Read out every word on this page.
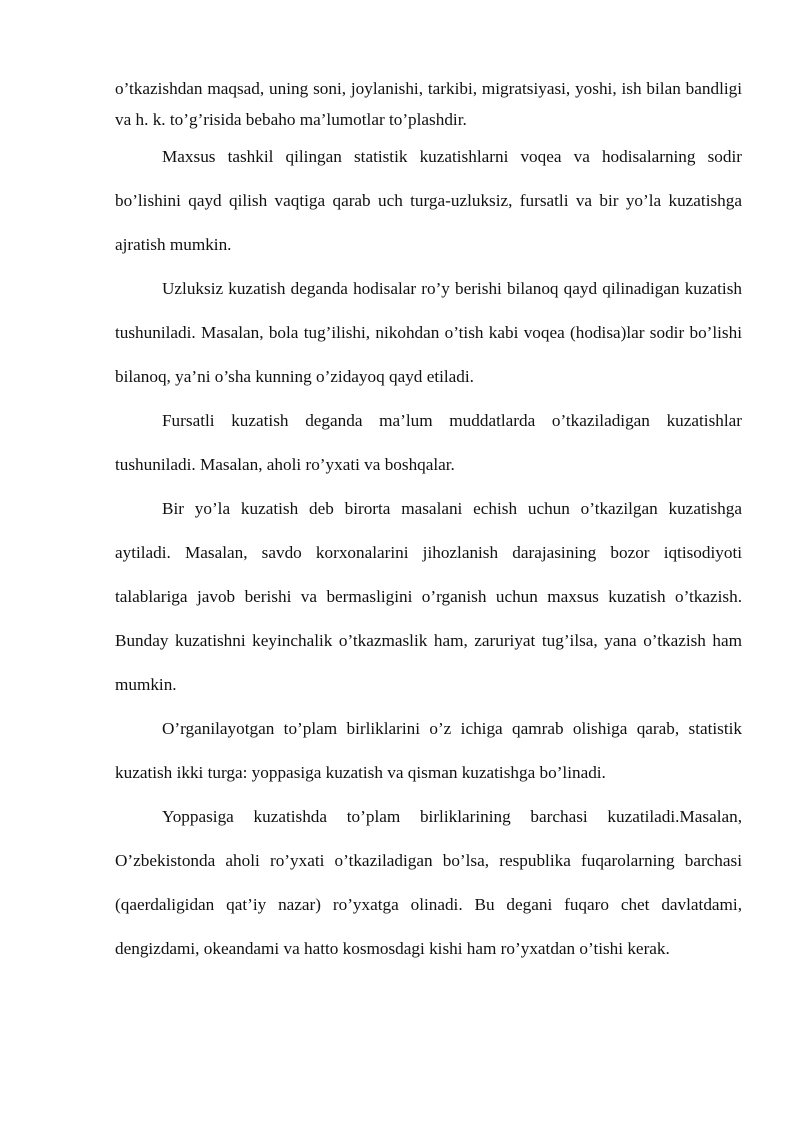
o’tkazishdan maqsad, uning soni, joylanishi, tarkibi, migratsiyasi, yoshi, ish bilan bandligi va h. k. to’g’risida bebaho ma’lumotlar to’plashdir.

Maxsus tashkil qilingan statistik kuzatishlarni voqea va hodisalarning sodir bo’lishini qayd qilish vaqtiga qarab uch turga-uzluksiz, fursatli va bir yo’la kuzatishga ajratish mumkin.

Uzluksiz kuzatish deganda hodisalar ro’y berishi bilanoq qayd qilinadigan kuzatish tushuniladi. Masalan, bola tug’ilishi, nikohdan o’tish kabi voqea (hodisa)lar sodir bo’lishi bilanoq, ya’ni o’sha kunning o’zidayoq qayd etiladi.

Fursatli kuzatish deganda ma’lum muddatlarda o’tkaziladigan kuzatishlar tushuniladi. Masalan, aholi ro’yxati va boshqalar.

Bir yo’la kuzatish deb birorta masalani echish uchun o’tkazilgan kuzatishga aytiladi. Masalan, savdo korxonalarini jihozlanish darajasining bozor iqtisodiyoti talablariga javob berishi va bermasligini o’rganish uchun maxsus kuzatish o’tkazish. Bunday kuzatishni keyinchalik o’tkazmaslik ham, zaruriyat tug’ilsa, yana o’tkazish ham mumkin.

O’rganilayotgan to’plam birliklarini o’z ichiga qamrab olishiga qarab, statistik kuzatish ikki turga: yoppasiga kuzatish va qisman kuzatishga bo’linadi.

Yoppasiga kuzatishda to’plam birliklarining barchasi kuzatiladi.Masalan, O’zbekistonda aholi ro’yxati o’tkaziladigan bo’lsa, respublika fuqarolarning barchasi (qaerdaligidan qat’iy nazar) ro’yxatga olinadi. Bu degani fuqaro chet davlatdami, dengizdami, okeandami va hatto kosmosdagi kishi ham ro’yxatdan o’tishi kerak.
